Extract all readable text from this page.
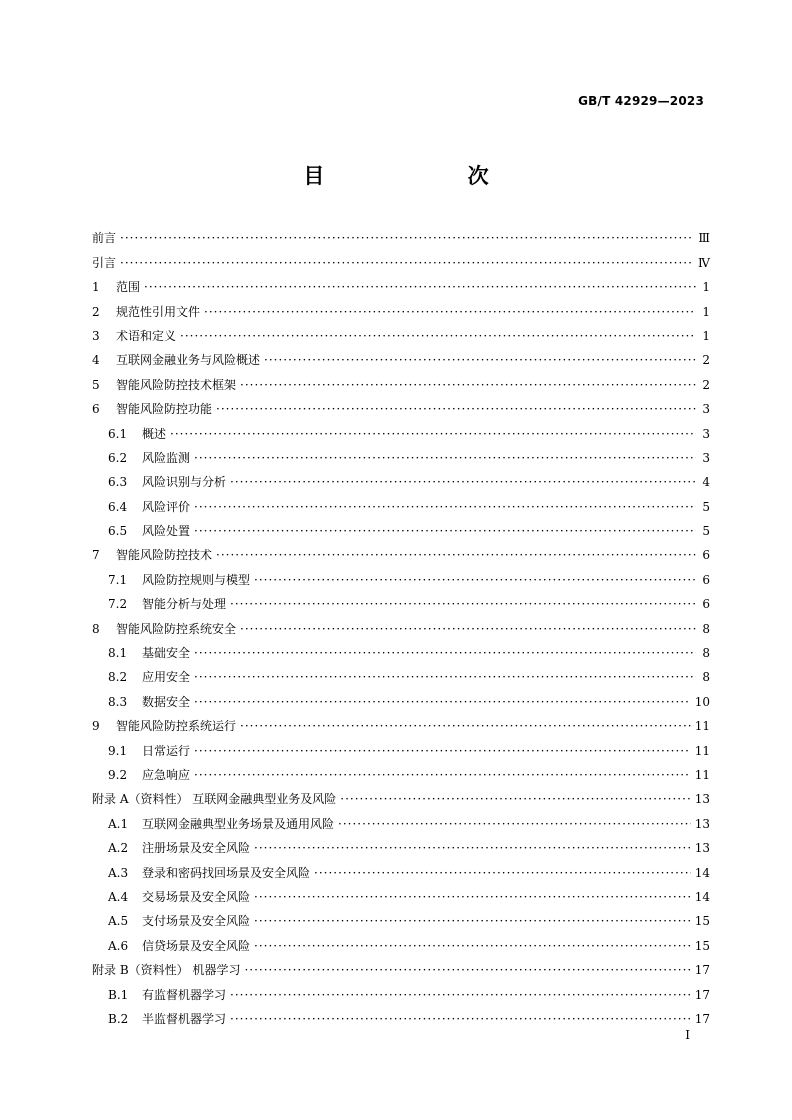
GB/T 42929—2023
目 次
前言 ·····	Ⅲ
引言 ·····	Ⅳ
1	范围 ·····	1
2	规范性引用文件 ·····	1
3	术语和定义 ·····	1
4	互联网金融业务与风险概述 ·····	2
5	智能风险防控技术框架 ·····	2
6	智能风险防控功能 ·····	3
6.1	概述 ·····	3
6.2	风险监测 ·····	3
6.3	风险识别与分析 ·····	4
6.4	风险评价 ·····	5
6.5	风险处置 ·····	5
7	智能风险防控技术 ·····	6
7.1	风险防控规则与模型 ·····	6
7.2	智能分析与处理 ·····	6
8	智能风险防控系统安全 ·····	8
8.1	基础安全 ·····	8
8.2	应用安全 ·····	8
8.3	数据安全 ·····	10
9	智能风险防控系统运行 ·····	11
9.1	日常运行 ·····	11
9.2	应急响应 ·····	11
附录 A（资料性） 互联网金融典型业务及风险 ·····	13
A.1	互联网金融典型业务场景及通用风险 ·····	13
A.2	注册场景及安全风险 ·····	13
A.3	登录和密码找回场景及安全风险 ·····	14
A.4	交易场景及安全风险 ·····	14
A.5	支付场景及安全风险 ·····	15
A.6	信贷场景及安全风险 ·····	15
附录 B（资料性） 机器学习 ·····	17
B.1	有监督机器学习 ·····	17
B.2	半监督机器学习 ·····	17
I
